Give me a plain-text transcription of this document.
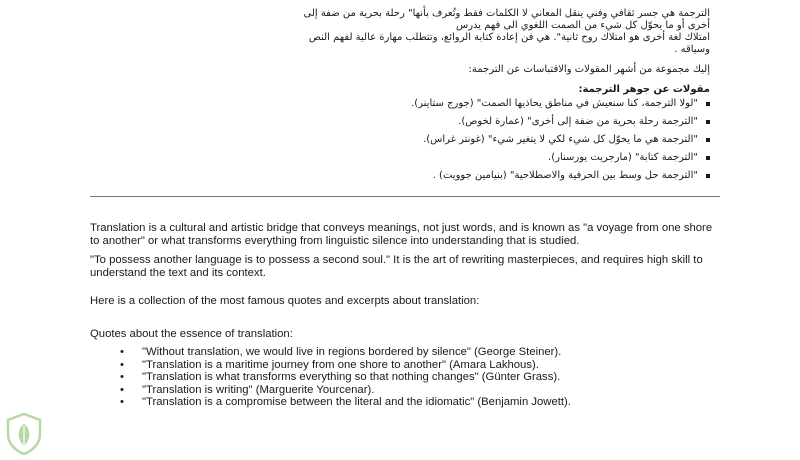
الترجمة هي جسر ثقافي وفني ينقل المعاني لا الكلمات فقط وتُعرف بأنها" رحلة بحرية من ضفة إلى
أخرى أو ما يحوّل كل شيء من الصمت اللغوي الى فهم يدرس
امتلاك لغة أخرى هو امتلاك روح ثانية". هي فن إعادة كتابة الروائع، وتتطلب مهارة عالية لفهم النص
وسياقه .

إليك مجموعة من أشهر المقولات والاقتباسات عن الترجمة:

مقولات عن جوهر الترجمة:

"لولا الترجمة، كنا سنعيش في مناطق يحاذيها الصمت" (جورج ستاينر).
"الترجمة رحلة بحرية من ضفة إلى أخرى" (عمارة لخوص).
"الترجمة هي ما يحوّل كل شيء لكي لا يتغير شيء" (غونتر غراس).
"الترجمة كتابة" (مارجريت يورسنار).
"الترجمة حل وسط بين الحرفية والاصطلاحية" (بنيامين جوويت) .

Translation is a cultural and artistic bridge that conveys meanings, not just words, and is known as "a voyage from one shore to another" or what transforms everything from linguistic silence into understanding that is studied.

"To possess another language is to possess a second soul." It is the art of rewriting masterpieces, and requires high skill to understand the text and its context.

Here is a collection of the most famous quotes and excerpts about translation:

Quotes about the essence of translation:

• "Without translation, we would live in regions bordered by silence" (George Steiner).
• "Translation is a maritime journey from one shore to another" (Amara Lakhous).
• "Translation is what transforms everything so that nothing changes" (Günter Grass).
• "Translation is writing" (Marguerite Yourcenar).
• "Translation is a compromise between the literal and the idiomatic" (Benjamin Jowett).
